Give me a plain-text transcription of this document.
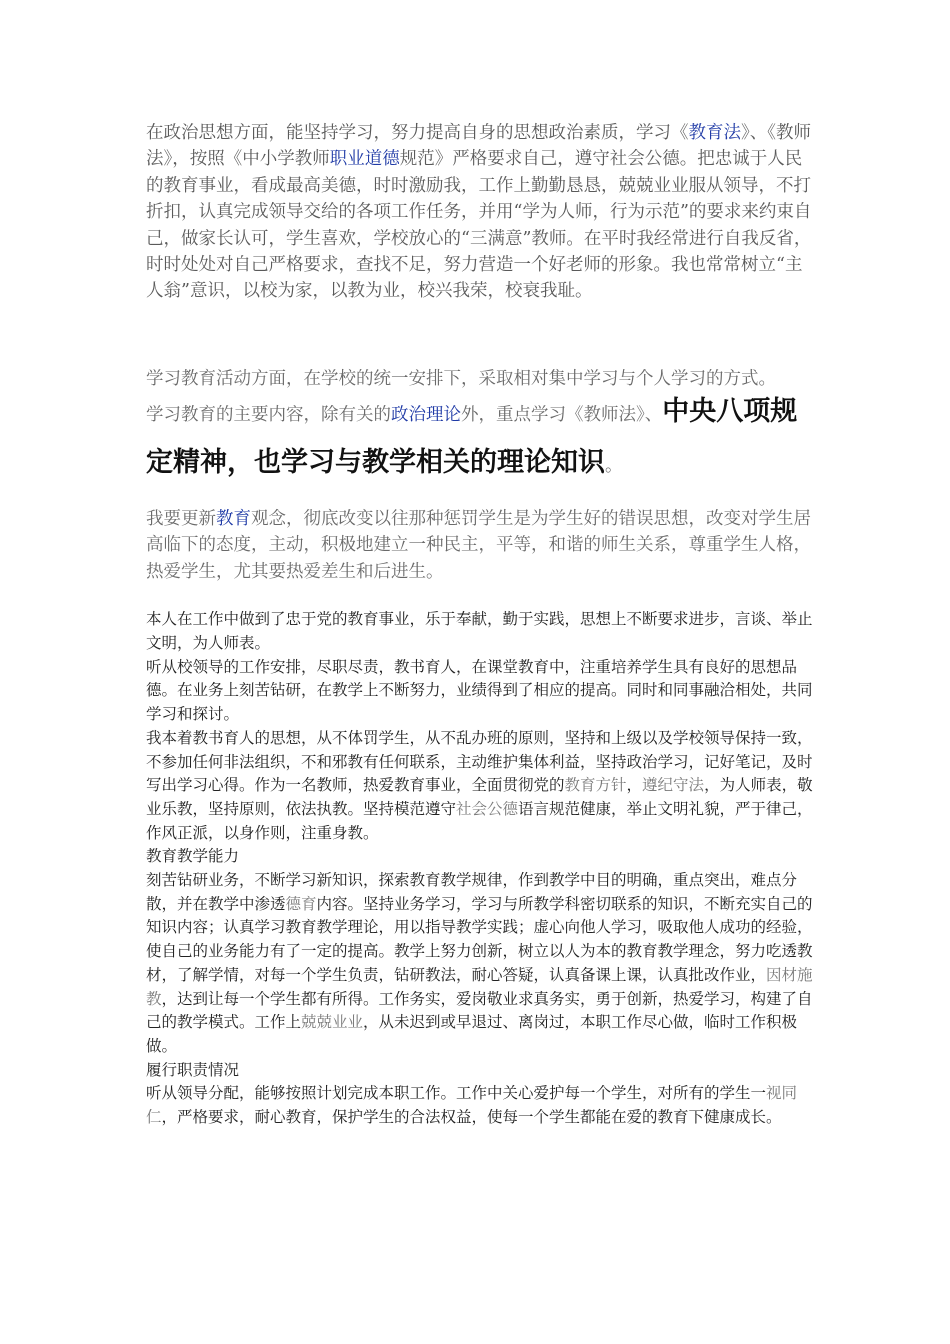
在政治思想方面，能坚持学习，努力提高自身的思想政治素质，学习《教育法》、《教师法》，按照《中小学教师职业道德规范》严格要求自己，遵守社会公德。把忠诚于人民的教育事业，看成最高美德，时时激励我，工作上勤勤恳恳，兢兢业业服从领导，不打折扣，认真完成领导交给的各项工作任务，并用“学为人师，行为示范”的要求来约束自己，做家长认可，学生喜欢，学校放心的“三满意”教师。在平时我经常进行自我反省，时时处处对自己严格要求，查找不足，努力营造一个好老师的形象。我也常常树立“主人翁”意识，以校为家，以教为业，校兴我荣，校衰我耻。

学习教育活动方面，在学校的统一安排下，采取相对集中学习与个人学习的方式。

学习教育的主要内容，除有关的政治理论外，重点学习《教师法》、中央八项规定精神，也学习与教学相关的理论知识。

我要更新教育观念，彻底改变以往那种惩罚学生是为学生好的错误思想，改变对学生居高临下的态度，主动，积极地建立一种民主，平等，和谐的师生关系，尊重学生人格，热爱学生，尤其要热爱差生和后进生。

本人在工作中做到了忠于党的教育事业，乐于奉献，勤于实践，思想上不断要求进步，言谈、举止文明，为人师表。

听从校领导的工作安排，尽职尽责，教书育人，在课堂教育中，注重培养学生具有良好的思想品德。在业务上刻苦钻研，在教学上不断努力，业绩得到了相应的提高。同时和同事融洽相处，共同学习和探讨。

我本着教书育人的思想，从不体罚学生，从不乱办班的原则，坚持和上级以及学校领导保持一致，不参加任何非法组织，不和邪教有任何联系，主动维护集体利益，坚持政治学习，记好笔记，及时写出学习心得。作为一名教师，热爱教育事业，全面贯彻党的教育方针，遵纪守法，为人师表，敬业乐教，坚持原则，依法执教。坚持模范遵守社会公德语言规范健康，举止文明礼貌，严于律己，作风正派，以身作则，注重身教。

教育教学能力

刻苦钻研业务，不断学习新知识，探索教育教学规律，作到教学中目的明确，重点突出，难点分散，并在教学中渗透德育内容。坚持业务学习，学习与所教学科密切联系的知识，不断充实自己的知识内容；认真学习教育教学理论，用以指导教学实践；虚心向他人学习，吸取他人成功的经验，使自己的业务能力有了一定的提高。教学上努力创新，树立以人为本的教育教学理念，努力吃透教材，了解学情，对每一个学生负责，钻研教法，耐心答疑，认真备课上课，认真批改作业，因材施教，达到让每一个学生都有所得。工作务实，爱岗敬业求真务实，勇于创新，热爱学习，构建了自己的教学模式。工作上兢兢业业，从未迟到或早退过、离岗过，本职工作尽心做，临时工作积极做。

履行职责情况

听从领导分配，能够按照计划完成本职工作。工作中关心爱护每一个学生，对所有的学生一视同仁，严格要求，耐心教育，保护学生的合法权益，使每一个学生都能在爱的教育下健康成长。
